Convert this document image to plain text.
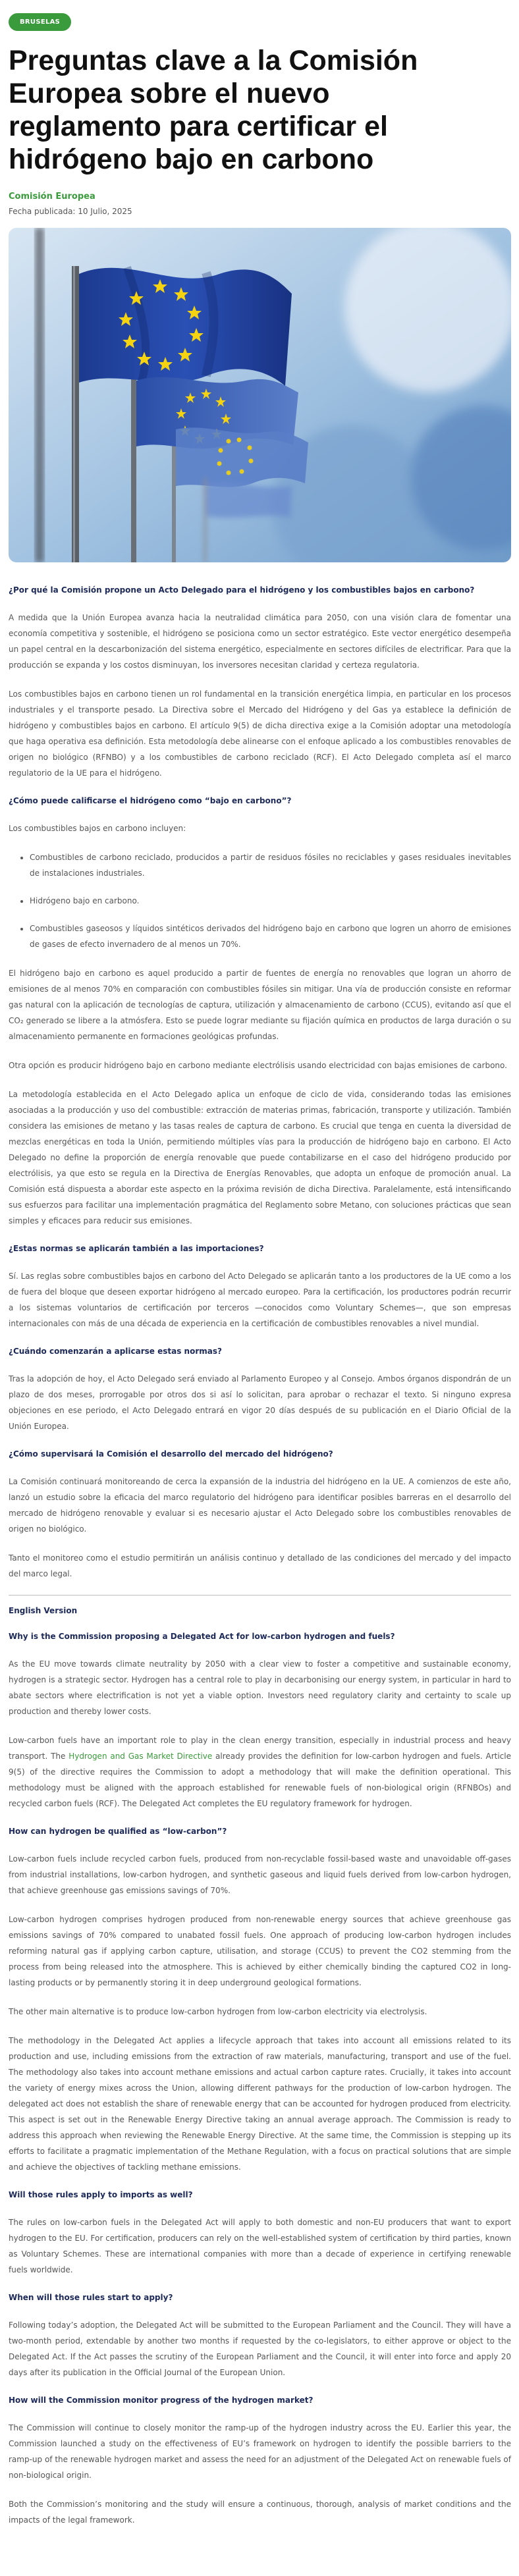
BRUSELAS
Preguntas clave a la Comisión Europea sobre el nuevo reglamento para certificar el hidrógeno bajo en carbono
Comisión Europea
Fecha publicada: 10 Julio, 2025

¿Por qué la Comisión propone un Acto Delegado para el hidrógeno y los combustibles bajos en carbono?

A medida que la Unión Europea avanza hacia la neutralidad climática para 2050, con una visión clara de fomentar una economía competitiva y sostenible, el hidrógeno se posiciona como un sector estratégico. Este vector energético desempeña un papel central en la descarbonización del sistema energético, especialmente en sectores difíciles de electrificar. Para que la producción se expanda y los costos disminuyan, los inversores necesitan claridad y certeza regulatoria.

Los combustibles bajos en carbono tienen un rol fundamental en la transición energética limpia, en particular en los procesos industriales y el transporte pesado. La Directiva sobre el Mercado del Hidrógeno y del Gas ya establece la definición de hidrógeno y combustibles bajos en carbono. El artículo 9(5) de dicha directiva exige a la Comisión adoptar una metodología que haga operativa esa definición. Esta metodología debe alinearse con el enfoque aplicado a los combustibles renovables de origen no biológico (RFNBO) y a los combustibles de carbono reciclado (RCF). El Acto Delegado completa así el marco regulatorio de la UE para el hidrógeno.

¿Cómo puede calificarse el hidrógeno como “bajo en carbono”?

Los combustibles bajos en carbono incluyen:

• Combustibles de carbono reciclado, producidos a partir de residuos fósiles no reciclables y gases residuales inevitables de instalaciones industriales.
• Hidrógeno bajo en carbono.
• Combustibles gaseosos y líquidos sintéticos derivados del hidrógeno bajo en carbono que logren un ahorro de emisiones de gases de efecto invernadero de al menos un 70%.

El hidrógeno bajo en carbono es aquel producido a partir de fuentes de energía no renovables que logran un ahorro de emisiones de al menos 70% en comparación con combustibles fósiles sin mitigar. Una vía de producción consiste en reformar gas natural con la aplicación de tecnologías de captura, utilización y almacenamiento de carbono (CCUS), evitando así que el CO₂ generado se libere a la atmósfera. Esto se puede lograr mediante su fijación química en productos de larga duración o su almacenamiento permanente en formaciones geológicas profundas.

Otra opción es producir hidrógeno bajo en carbono mediante electrólisis usando electricidad con bajas emisiones de carbono.

La metodología establecida en el Acto Delegado aplica un enfoque de ciclo de vida, considerando todas las emisiones asociadas a la producción y uso del combustible: extracción de materias primas, fabricación, transporte y utilización. También considera las emisiones de metano y las tasas reales de captura de carbono. Es crucial que tenga en cuenta la diversidad de mezclas energéticas en toda la Unión, permitiendo múltiples vías para la producción de hidrógeno bajo en carbono. El Acto Delegado no define la proporción de energía renovable que puede contabilizarse en el caso del hidrógeno producido por electrólisis, ya que esto se regula en la Directiva de Energías Renovables, que adopta un enfoque de promoción anual. La Comisión está dispuesta a abordar este aspecto en la próxima revisión de dicha Directiva. Paralelamente, está intensificando sus esfuerzos para facilitar una implementación pragmática del Reglamento sobre Metano, con soluciones prácticas que sean simples y eficaces para reducir sus emisiones.

¿Estas normas se aplicarán también a las importaciones?

Sí. Las reglas sobre combustibles bajos en carbono del Acto Delegado se aplicarán tanto a los productores de la UE como a los de fuera del bloque que deseen exportar hidrógeno al mercado europeo. Para la certificación, los productores podrán recurrir a los sistemas voluntarios de certificación por terceros —conocidos como Voluntary Schemes—, que son empresas internacionales con más de una década de experiencia en la certificación de combustibles renovables a nivel mundial.

¿Cuándo comenzarán a aplicarse estas normas?

Tras la adopción de hoy, el Acto Delegado será enviado al Parlamento Europeo y al Consejo. Ambos órganos dispondrán de un plazo de dos meses, prorrogable por otros dos si así lo solicitan, para aprobar o rechazar el texto. Si ninguno expresa objeciones en ese periodo, el Acto Delegado entrará en vigor 20 días después de su publicación en el Diario Oficial de la Unión Europea.

¿Cómo supervisará la Comisión el desarrollo del mercado del hidrógeno?

La Comisión continuará monitoreando de cerca la expansión de la industria del hidrógeno en la UE. A comienzos de este año, lanzó un estudio sobre la eficacia del marco regulatorio del hidrógeno para identificar posibles barreras en el desarrollo del mercado de hidrógeno renovable y evaluar si es necesario ajustar el Acto Delegado sobre los combustibles renovables de origen no biológico.

Tanto el monitoreo como el estudio permitirán un análisis continuo y detallado de las condiciones del mercado y del impacto del marco legal.

English Version

Why is the Commission proposing a Delegated Act for low-carbon hydrogen and fuels?

As the EU move towards climate neutrality by 2050 with a clear view to foster a competitive and sustainable economy, hydrogen is a strategic sector. Hydrogen has a central role to play in decarbonising our energy system, in particular in hard to abate sectors where electrification is not yet a viable option. Investors need regulatory clarity and certainty to scale up production and thereby lower costs.

Low-carbon fuels have an important role to play in the clean energy transition, especially in industrial process and heavy transport. The Hydrogen and Gas Market Directive already provides the definition for low-carbon hydrogen and fuels. Article 9(5) of the directive requires the Commission to adopt a methodology that will make the definition operational. This methodology must be aligned with the approach established for renewable fuels of non-biological origin (RFNBOs) and recycled carbon fuels (RCF). The Delegated Act completes the EU regulatory framework for hydrogen.

How can hydrogen be qualified as “low-carbon”?

Low-carbon fuels include recycled carbon fuels, produced from non-recyclable fossil-based waste and unavoidable off-gases from industrial installations, low-carbon hydrogen, and synthetic gaseous and liquid fuels derived from low-carbon hydrogen, that achieve greenhouse gas emissions savings of 70%.

Low-carbon hydrogen comprises hydrogen produced from non-renewable energy sources that achieve greenhouse gas emissions savings of 70% compared to unabated fossil fuels. One approach of producing low-carbon hydrogen includes reforming natural gas if applying carbon capture, utilisation, and storage (CCUS) to prevent the CO2 stemming from the process from being released into the atmosphere. This is achieved by either chemically binding the captured CO2 in long-lasting products or by permanently storing it in deep underground geological formations.

The other main alternative is to produce low-carbon hydrogen from low-carbon electricity via electrolysis.

The methodology in the Delegated Act applies a lifecycle approach that takes into account all emissions related to its production and use, including emissions from the extraction of raw materials, manufacturing, transport and use of the fuel. The methodology also takes into account methane emissions and actual carbon capture rates. Crucially, it takes into account the variety of energy mixes across the Union, allowing different pathways for the production of low-carbon hydrogen. The delegated act does not establish the share of renewable energy that can be accounted for hydrogen produced from electricity. This aspect is set out in the Renewable Energy Directive taking an annual average approach. The Commission is ready to address this approach when reviewing the Renewable Energy Directive. At the same time, the Commission is stepping up its efforts to facilitate a pragmatic implementation of the Methane Regulation, with a focus on practical solutions that are simple and achieve the objectives of tackling methane emissions.

Will those rules apply to imports as well?

The rules on low-carbon fuels in the Delegated Act will apply to both domestic and non-EU producers that want to export hydrogen to the EU. For certification, producers can rely on the well-established system of certification by third parties, known as Voluntary Schemes. These are international companies with more than a decade of experience in certifying renewable fuels worldwide.

When will those rules start to apply?

Following today’s adoption, the Delegated Act will be submitted to the European Parliament and the Council. They will have a two-month period, extendable by another two months if requested by the co-legislators, to either approve or object to the Delegated Act. If the Act passes the scrutiny of the European Parliament and the Council, it will enter into force and apply 20 days after its publication in the Official Journal of the European Union.

How will the Commission monitor progress of the hydrogen market?

The Commission will continue to closely monitor the ramp-up of the hydrogen industry across the EU. Earlier this year, the Commission launched a study on the effectiveness of EU’s framework on hydrogen to identify the possible barriers to the ramp-up of the renewable hydrogen market and assess the need for an adjustment of the Delegated Act on renewable fuels of non-biological origin.

Both the Commission’s monitoring and the study will ensure a continuous, thorough, analysis of market conditions and the impacts of the legal framework.
